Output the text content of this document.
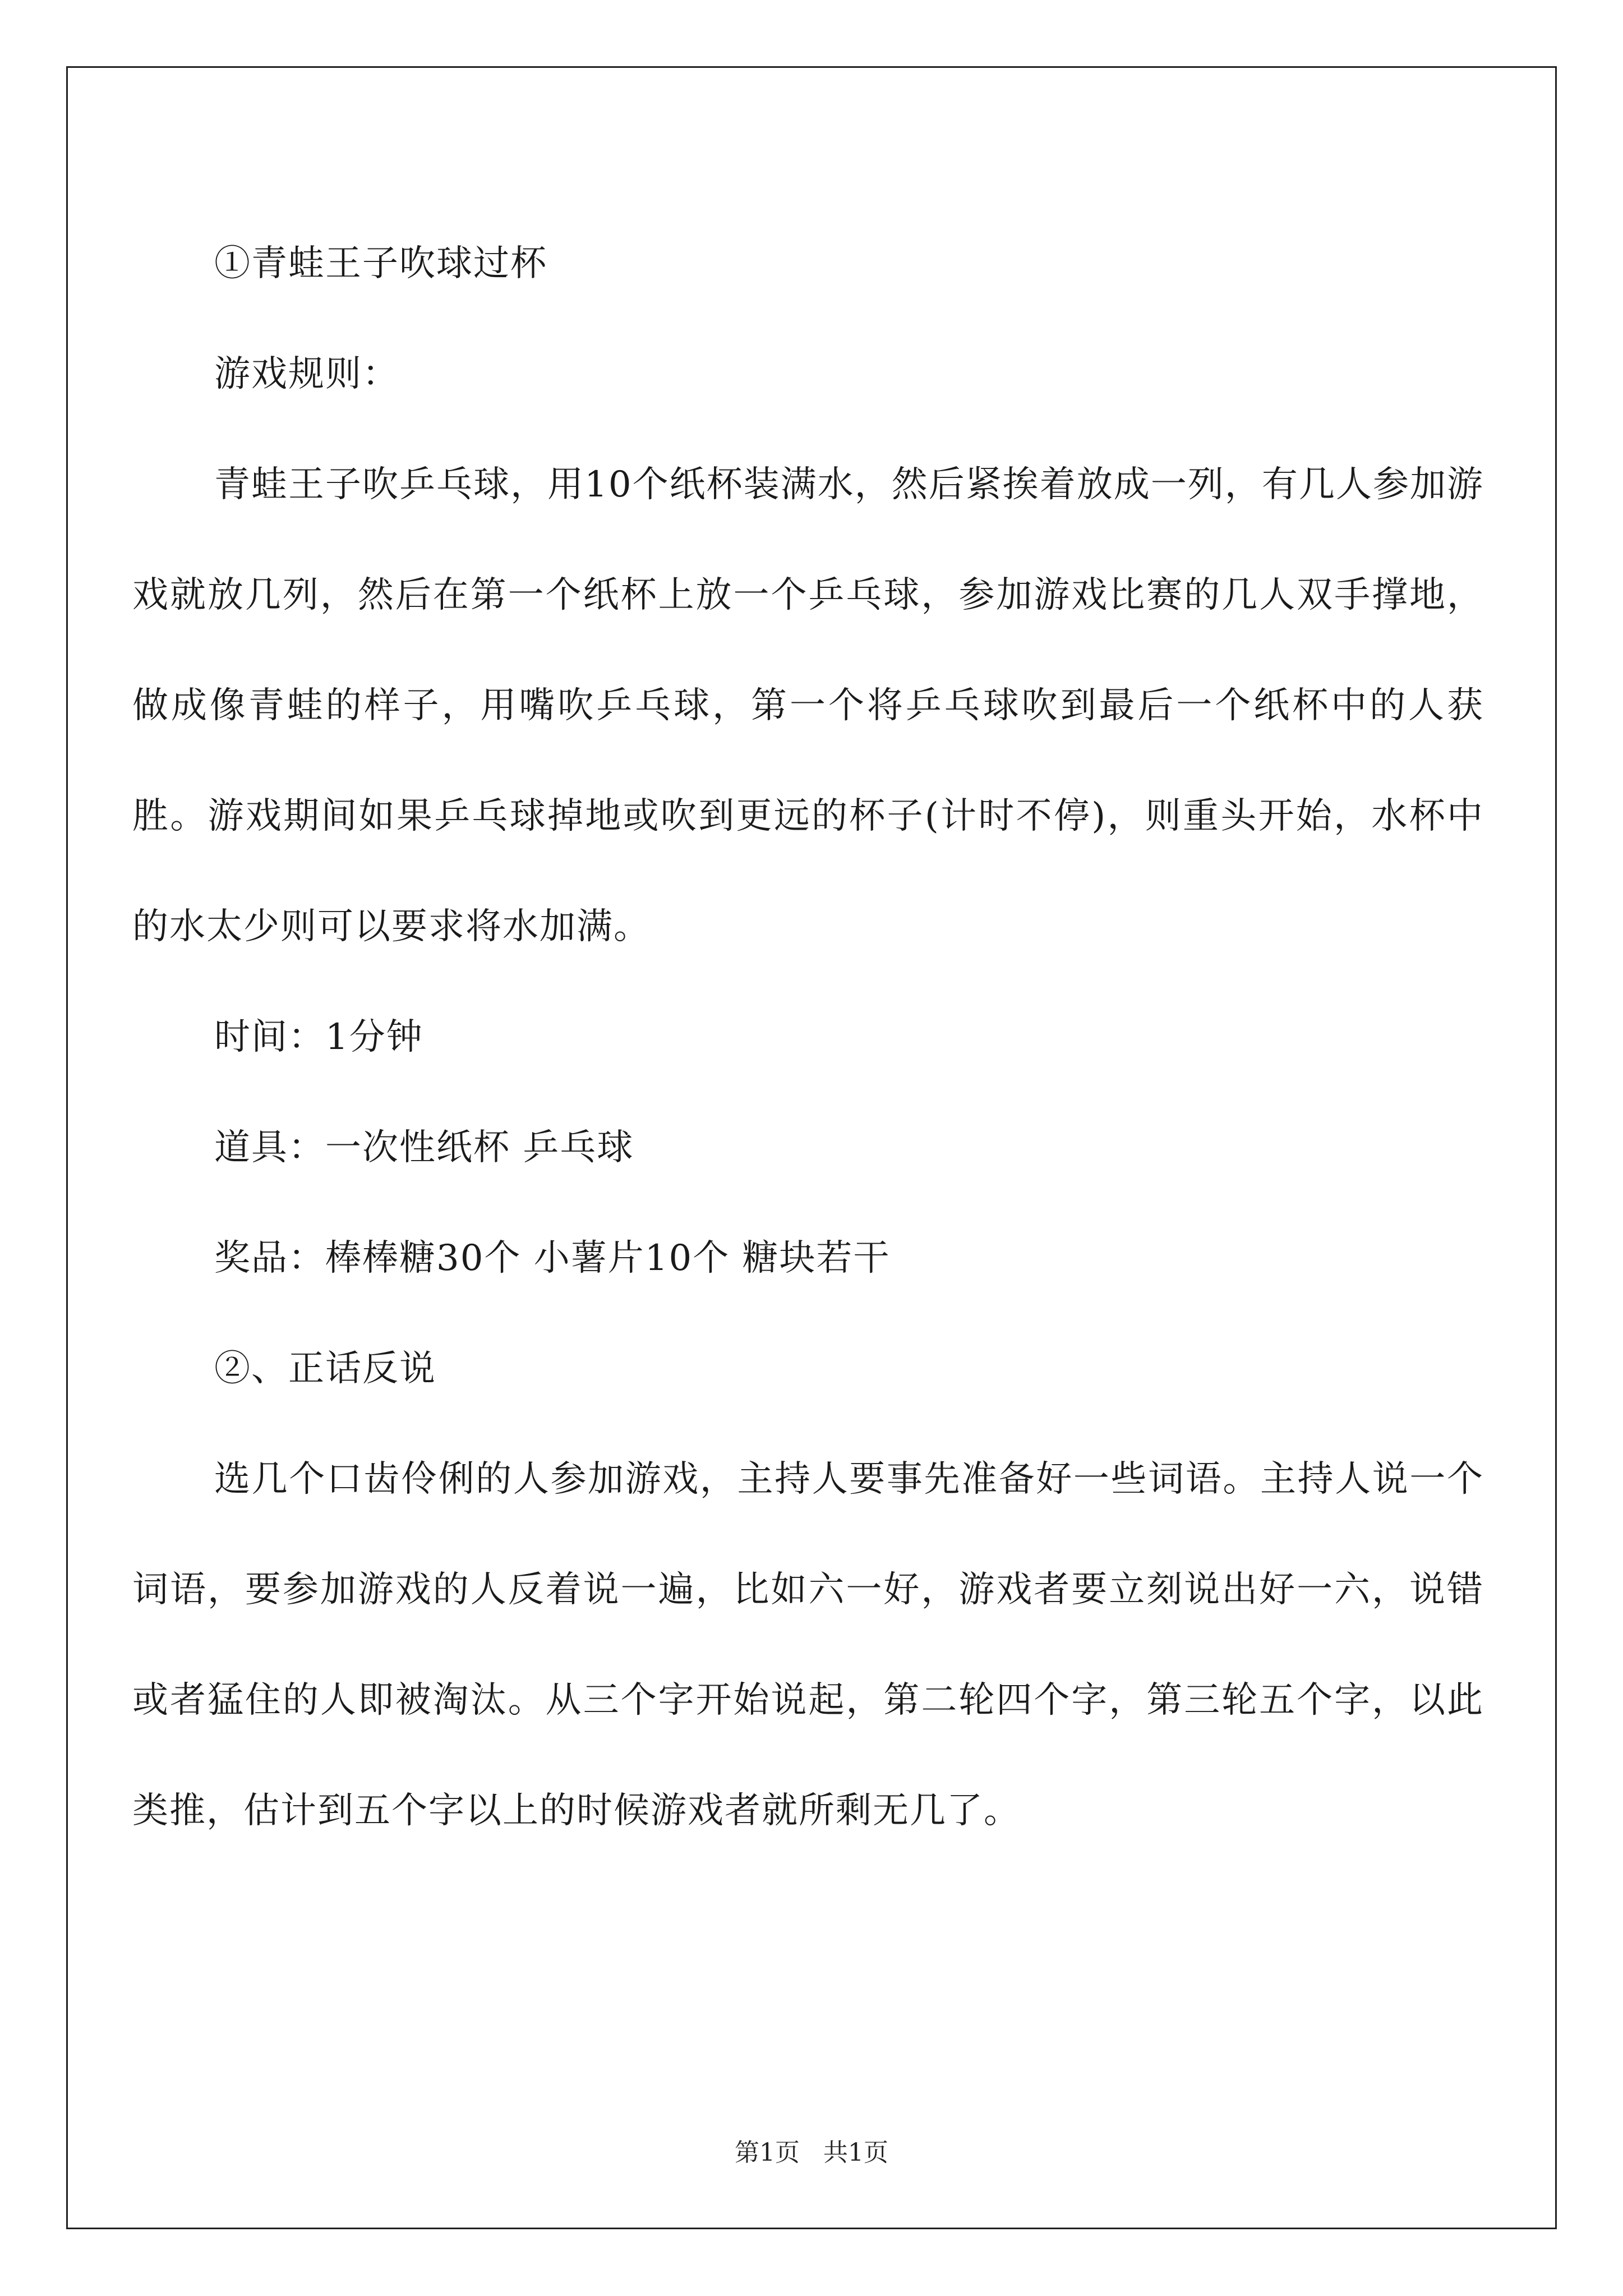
①青蛙王子吹球过杯

游戏规则：

青蛙王子吹乒乓球，用10个纸杯装满水，然后紧挨着放成一列，有几人参加游戏就放几列，然后在第一个纸杯上放一个乒乓球，参加游戏比赛的几人双手撑地，做成像青蛙的样子，用嘴吹乒乓球，第一个将乒乓球吹到最后一个纸杯中的人获胜。游戏期间如果乒乓球掉地或吹到更远的杯子(计时不停)，则重头开始，水杯中的水太少则可以要求将水加满。

时间：1分钟

道具：一次性纸杯 乒乓球

奖品：棒棒糖30个 小薯片10个 糖块若干

②、正话反说

选几个口齿伶俐的人参加游戏，主持人要事先准备好一些词语。主持人说一个词语，要参加游戏的人反着说一遍，比如六一好，游戏者要立刻说出好一六，说错或者猛住的人即被淘汰。从三个字开始说起，第二轮四个字，第三轮五个字，以此类推，估计到五个字以上的时候游戏者就所剩无几了。

第1页 共1页
